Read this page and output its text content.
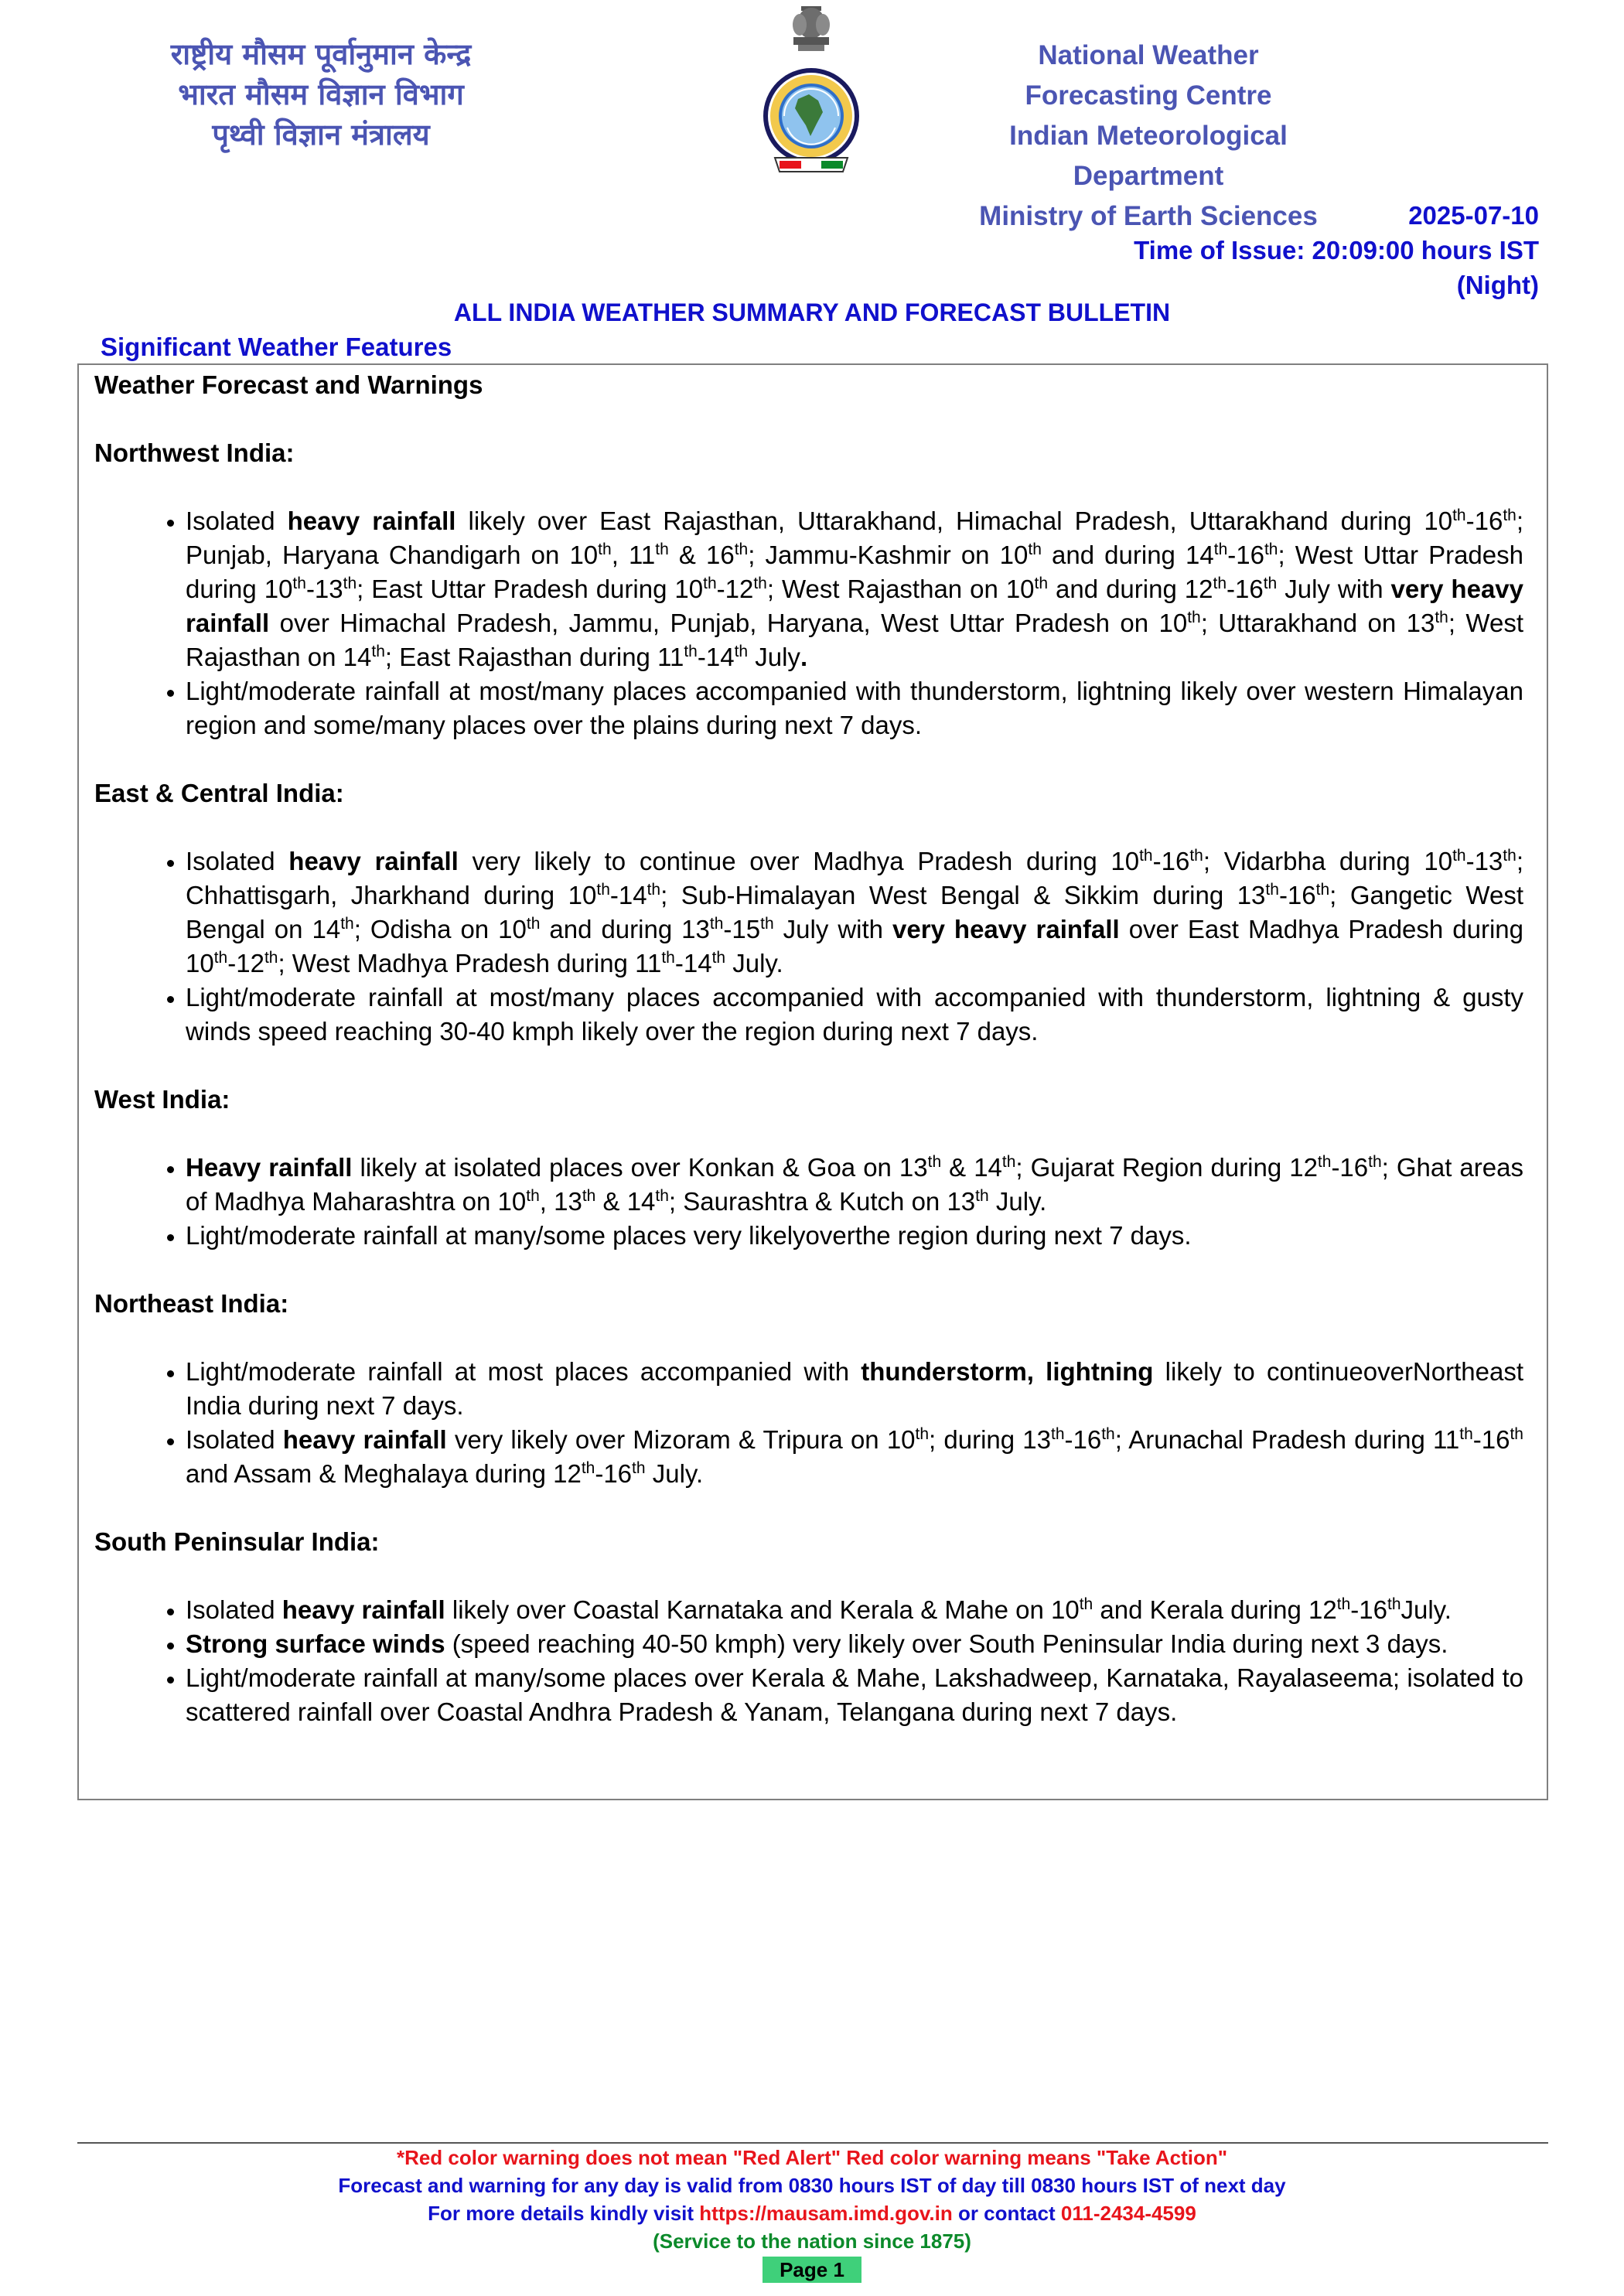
राष्ट्रीय मौसम पूर्वानुमान केन्द्र
भारत मौसम विज्ञान विभाग
पृथ्वी विज्ञान मंत्रालय
National Weather Forecasting Centre
Indian Meteorological Department
Ministry of Earth Sciences	2025-07-10
Time of Issue: 20:09:00 hours IST
(Night)
ALL INDIA WEATHER SUMMARY AND FORECAST BULLETIN
Significant Weather Features
Weather Forecast and Warnings
Northwest India:
• Isolated heavy rainfall likely over East Rajasthan, Uttarakhand, Himachal Pradesh, Uttarakhand during 10th-16th; Punjab, Haryana Chandigarh on 10th, 11th & 16th; Jammu-Kashmir on 10th and during 14th-16th; West Uttar Pradesh during 10th-13th; East Uttar Pradesh during 10th-12th; West Rajasthan on 10th and during 12th-16th July with very heavy rainfall over Himachal Pradesh, Jammu, Punjab, Haryana, West Uttar Pradesh on 10th; Uttarakhand on 13th; West Rajasthan on 14th; East Rajasthan during 11th-14th July.
• Light/moderate rainfall at most/many places accompanied with thunderstorm, lightning likely over western Himalayan region and some/many places over the plains during next 7 days.
East & Central India:
• Isolated heavy rainfall very likely to continue over Madhya Pradesh during 10th-16th; Vidarbha during 10th-13th; Chhattisgarh, Jharkhand during 10th-14th; Sub-Himalayan West Bengal & Sikkim during 13th-16th; Gangetic West Bengal on 14th; Odisha on 10th and during 13th-15th July with very heavy rainfall over East Madhya Pradesh during 10th-12th; West Madhya Pradesh during 11th-14th July.
• Light/moderate rainfall at most/many places accompanied with accompanied with thunderstorm, lightning & gusty winds speed reaching 30-40 kmph likely over the region during next 7 days.
West India:
• Heavy rainfall likely at isolated places over Konkan & Goa on 13th & 14th; Gujarat Region during 12th-16th; Ghat areas of Madhya Maharashtra on 10th, 13th & 14th; Saurashtra & Kutch on 13th July.
• Light/moderate rainfall at many/some places very likelyoverthe region during next 7 days.
Northeast India:
• Light/moderate rainfall at most places accompanied with thunderstorm, lightning likely to continueoverNortheast India during next 7 days.
• Isolated heavy rainfall very likely over Mizoram & Tripura on 10th; during 13th-16th; Arunachal Pradesh during 11th-16th and Assam & Meghalaya during 12th-16th July.
South Peninsular India:
• Isolated heavy rainfall likely over Coastal Karnataka and Kerala & Mahe on 10th and Kerala during 12th-16thJuly.
• Strong surface winds (speed reaching 40-50 kmph) very likely over South Peninsular India during next 3 days.
• Light/moderate rainfall at many/some places over Kerala & Mahe, Lakshadweep, Karnataka, Rayalaseema; isolated to scattered rainfall over Coastal Andhra Pradesh & Yanam, Telangana during next 7 days.
*Red color warning does not mean "Red Alert" Red color warning means "Take Action"
Forecast and warning for any day is valid from 0830 hours IST of day till 0830 hours IST of next day
For more details kindly visit https://mausam.imd.gov.in or contact 011-2434-4599
(Service to the nation since 1875)
Page 1
